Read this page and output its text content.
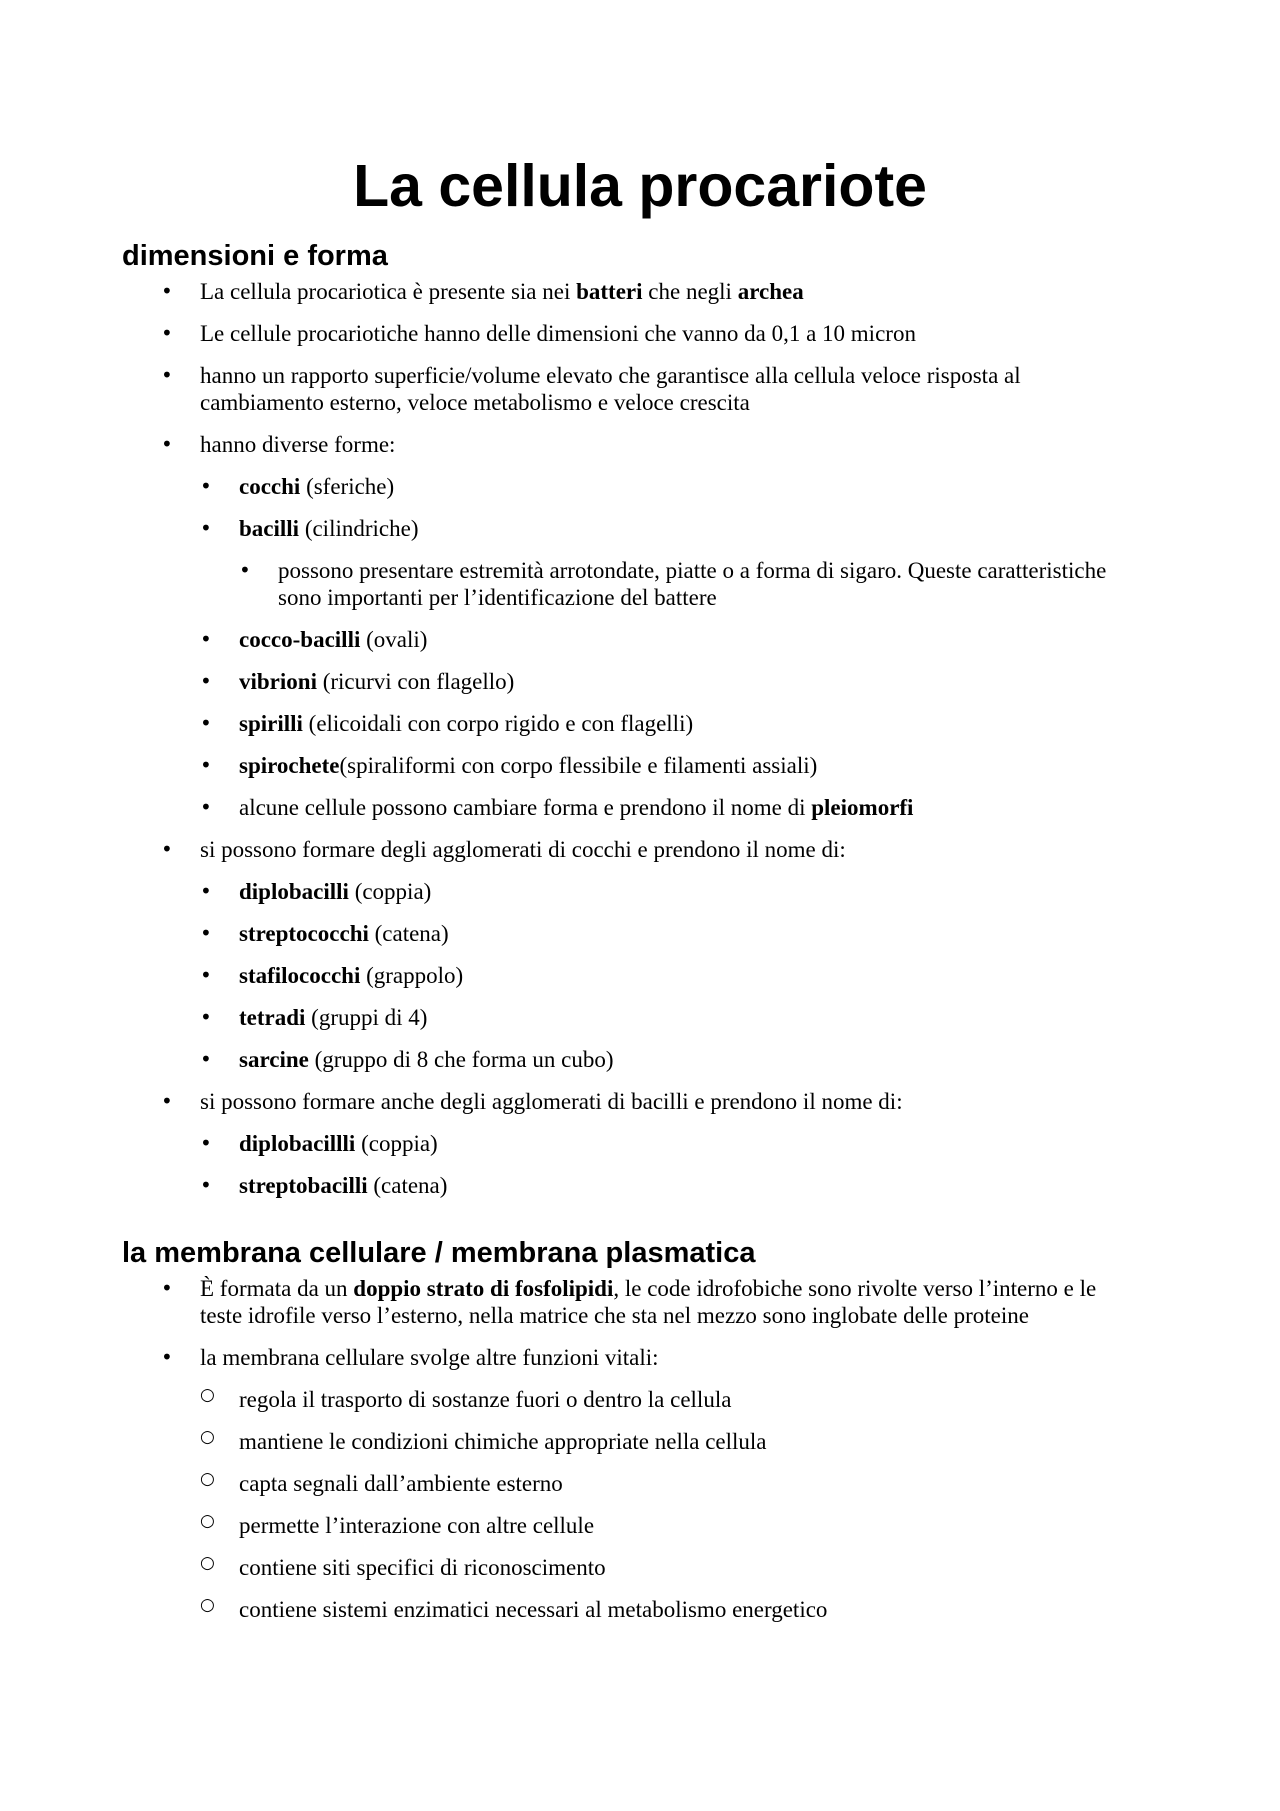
La cellula procariote
dimensioni e forma
• La cellula procariotica è presente sia nei batteri che negli archea
• Le cellule procariotiche hanno delle dimensioni che vanno da 0,1 a 10 micron
• hanno un rapporto superficie/volume elevato che garantisce alla cellula veloce risposta al cambiamento esterno, veloce metabolismo e veloce crescita
• hanno diverse forme:
• cocchi (sferiche)
• bacilli (cilindriche)
• possono presentare estremità arrotondate, piatte o a forma di sigaro. Queste caratteristiche sono importanti per l’identificazione del battere
• cocco-bacilli (ovali)
• vibrioni (ricurvi con flagello)
• spirilli (elicoidali con corpo rigido e con flagelli)
• spirochete(spiraliformi con corpo flessibile e filamenti assiali)
• alcune cellule possono cambiare forma e prendono il nome di pleiomorfi
• si possono formare degli agglomerati di cocchi e prendono il nome di:
• diplobacilli (coppia)
• streptococchi (catena)
• stafilococchi (grappolo)
• tetradi (gruppi di 4)
• sarcine (gruppo di 8 che forma un cubo)
• si possono formare anche degli agglomerati di bacilli e prendono il nome di:
• diplobacillli (coppia)
• streptobacilli (catena)
la membrana cellulare / membrana plasmatica
• È formata da un doppio strato di fosfolipidi, le code idrofobiche sono rivolte verso l’interno e le teste idrofile verso l’esterno, nella matrice che sta nel mezzo sono inglobate delle proteine
• la membrana cellulare svolge altre funzioni vitali:
○ regola il trasporto di sostanze fuori o dentro la cellula
○ mantiene le condizioni chimiche appropriate nella cellula
○ capta segnali dall’ambiente esterno
○ permette l’interazione con altre cellule
○ contiene siti specifici di riconoscimento
○ contiene sistemi enzimatici necessari al metabolismo energetico
